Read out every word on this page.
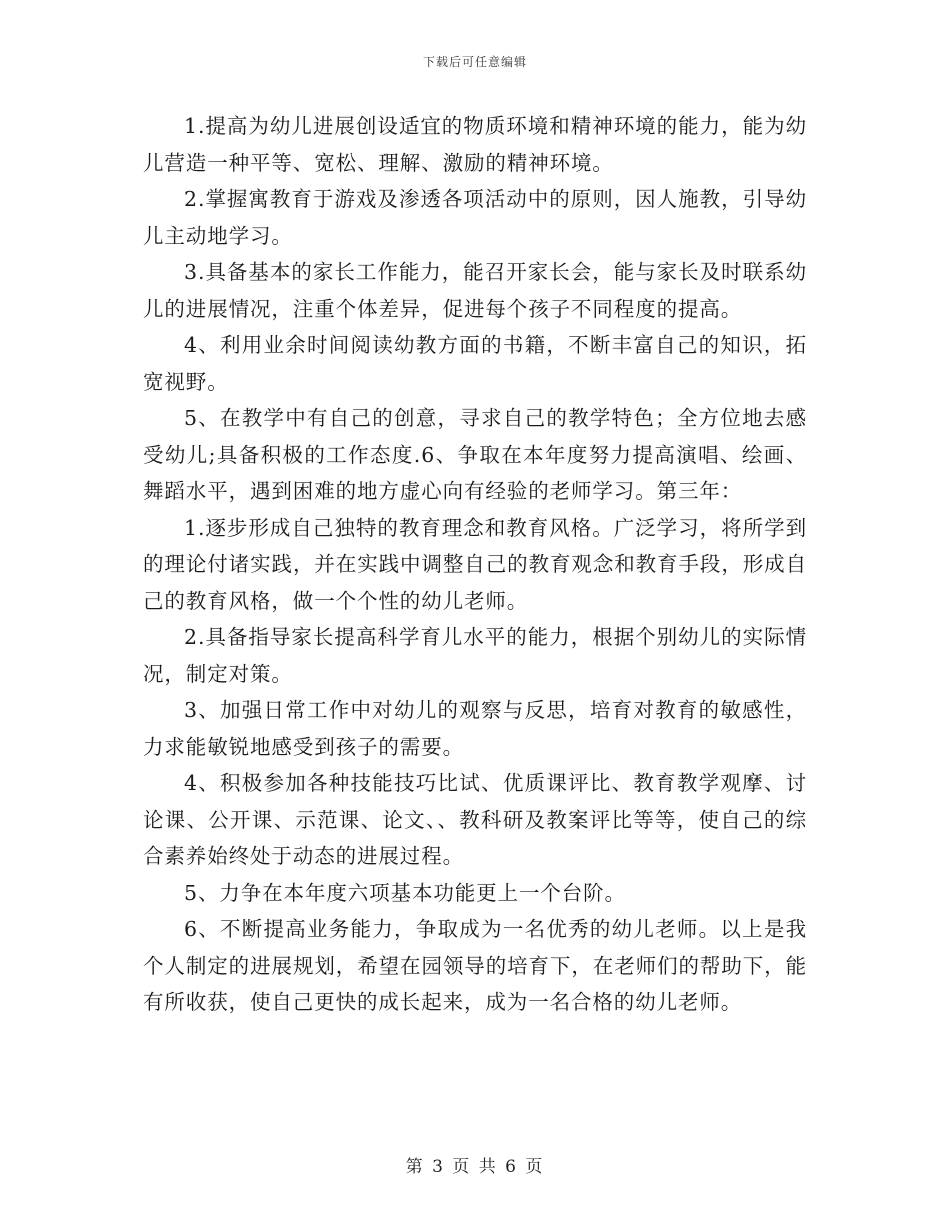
下载后可任意编辑

1.提高为幼儿进展创设适宜的物质环境和精神环境的能力，能为幼儿营造一种平等、宽松、理解、激励的精神环境。

2.掌握寓教育于游戏及渗透各项活动中的原则，因人施教，引导幼儿主动地学习。

3.具备基本的家长工作能力，能召开家长会，能与家长及时联系幼儿的进展情况，注重个体差异，促进每个孩子不同程度的提高。

4、利用业余时间阅读幼教方面的书籍，不断丰富自己的知识，拓宽视野。

5、在教学中有自己的创意，寻求自己的教学特色；全方位地去感受幼儿;具备积极的工作态度.6、争取在本年度努力提高演唱、绘画、舞蹈水平，遇到困难的地方虚心向有经验的老师学习。第三年：

1.逐步形成自己独特的教育理念和教育风格。广泛学习，将所学到的理论付诸实践，并在实践中调整自己的教育观念和教育手段，形成自己的教育风格，做一个个性的幼儿老师。

2.具备指导家长提高科学育儿水平的能力，根据个别幼儿的实际情况，制定对策。

3、加强日常工作中对幼儿的观察与反思，培育对教育的敏感性，力求能敏锐地感受到孩子的需要。

4、积极参加各种技能技巧比试、优质课评比、教育教学观摩、讨论课、公开课、示范课、论文、、教科研及教案评比等等，使自己的综合素养始终处于动态的进展过程。

5、力争在本年度六项基本功能更上一个台阶。

6、不断提高业务能力，争取成为一名优秀的幼儿老师。以上是我个人制定的进展规划，希望在园领导的培育下，在老师们的帮助下，能有所收获，使自己更快的成长起来，成为一名合格的幼儿老师。

第 3 页 共 6 页
